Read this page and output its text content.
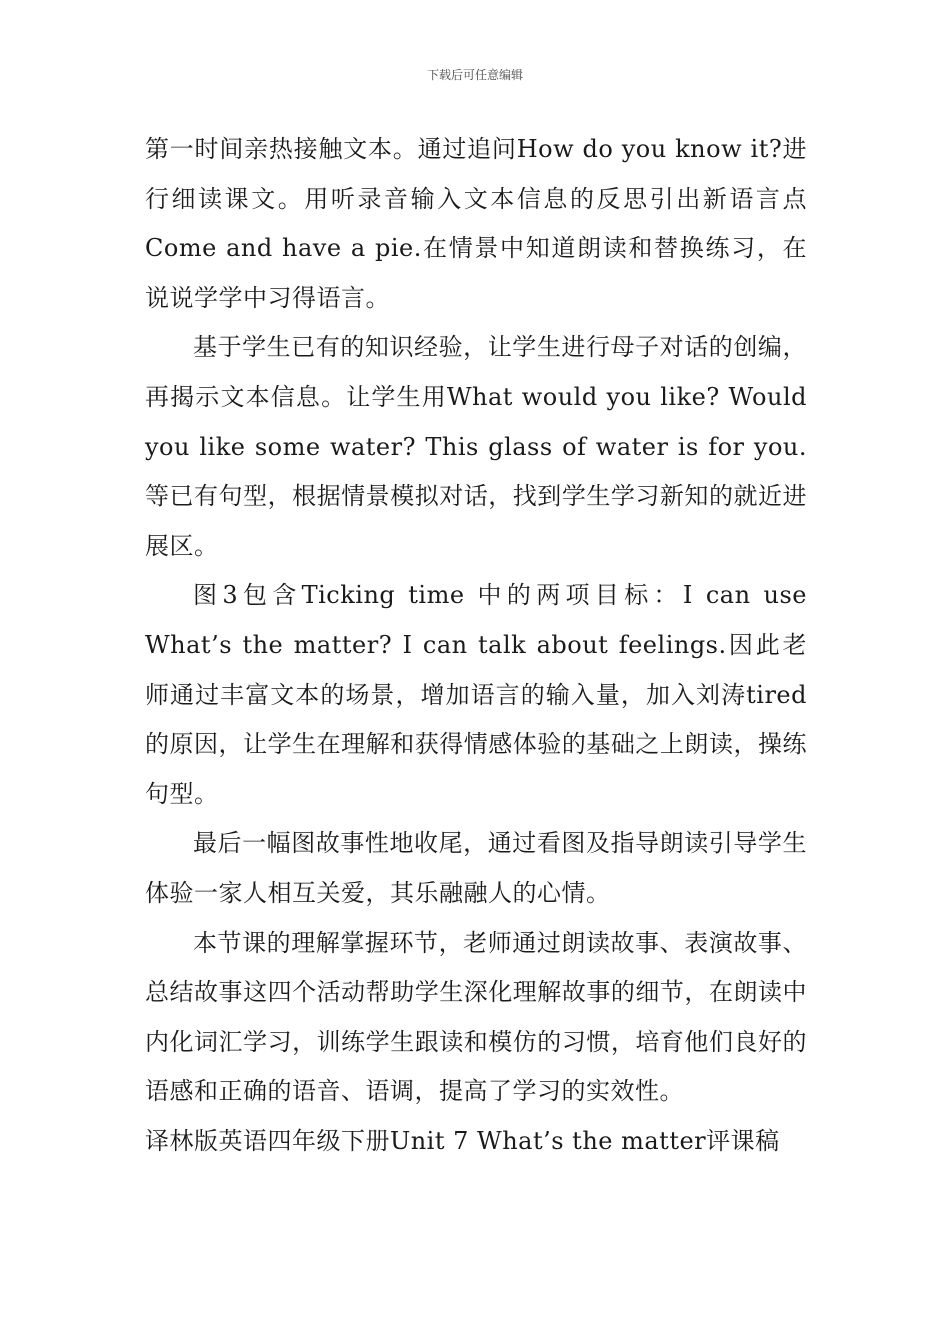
下载后可任意编辑

第一时间亲热接触文本。通过追问How do you know it?进行细读课文。用听录音输入文本信息的反思引出新语言点Come and have a pie.在情景中知道朗读和替换练习，在说说学学中习得语言。

基于学生已有的知识经验，让学生进行母子对话的创编，再揭示文本信息。让学生用What would you like? Would you like some water? This glass of water is for you.等已有句型，根据情景模拟对话，找到学生学习新知的就近进展区。

图3包含Ticking time 中的两项目标：I can use What’s the matter? I can talk about feelings.因此老师通过丰富文本的场景，增加语言的输入量，加入刘涛tired 的原因，让学生在理解和获得情感体验的基础之上朗读，操练句型。

最后一幅图故事性地收尾，通过看图及指导朗读引导学生体验一家人相互关爱，其乐融融人的心情。

本节课的理解掌握环节，老师通过朗读故事、表演故事、总结故事这四个活动帮助学生深化理解故事的细节，在朗读中内化词汇学习，训练学生跟读和模仿的习惯，培育他们良好的语感和正确的语音、语调，提高了学习的实效性。

译林版英语四年级下册Unit 7 What’s the matter评课稿
